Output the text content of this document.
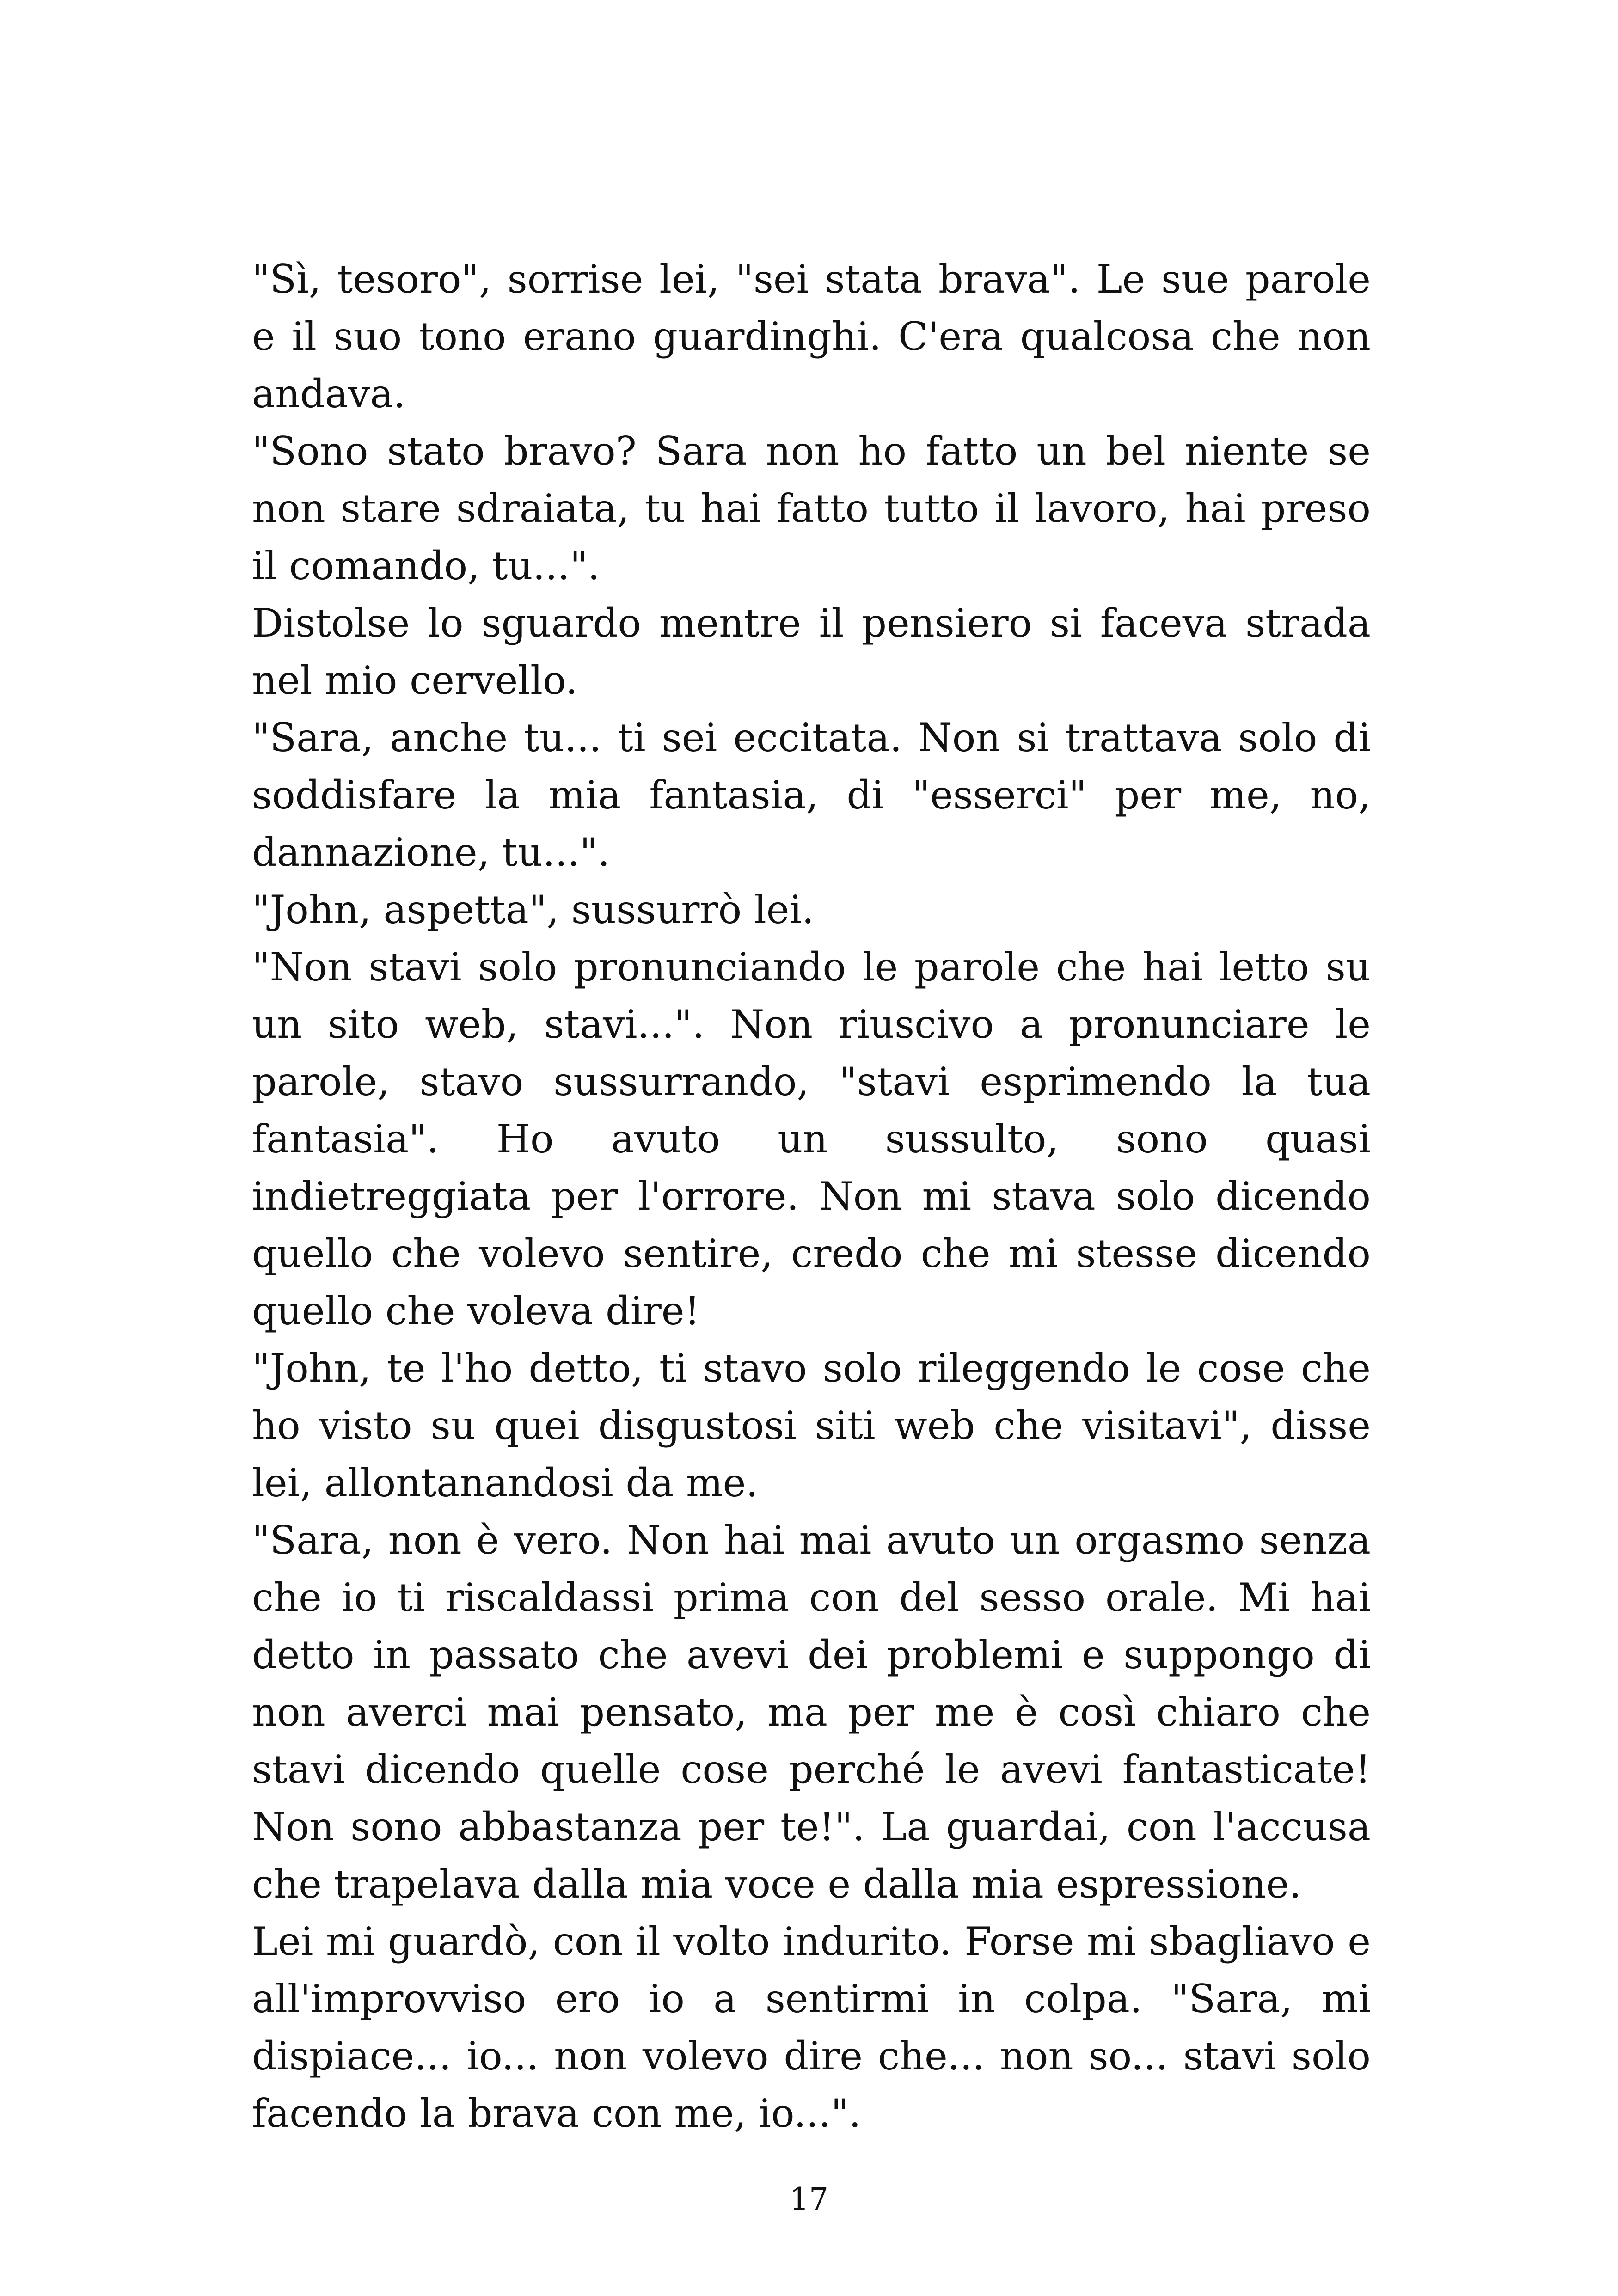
"Sì, tesoro", sorrise lei, "sei stata brava". Le sue parole e il suo tono erano guardinghi. C'era qualcosa che non andava.

"Sono stato bravo? Sara non ho fatto un bel niente se non stare sdraiata, tu hai fatto tutto il lavoro, hai preso il comando, tu...".

Distolse lo sguardo mentre il pensiero si faceva strada nel mio cervello.

"Sara, anche tu... ti sei eccitata. Non si trattava solo di soddisfare la mia fantasia, di "esserci" per me, no, dannazione, tu...".

"John, aspetta", sussurrò lei.

"Non stavi solo pronunciando le parole che hai letto su un sito web, stavi...". Non riuscivo a pronunciare le parole, stavo sussurrando, "stavi esprimendo la tua fantasia". Ho avuto un sussulto, sono quasi indietreggiata per l'orrore. Non mi stava solo dicendo quello che volevo sentire, credo che mi stesse dicendo quello che voleva dire!

"John, te l'ho detto, ti stavo solo rileggendo le cose che ho visto su quei disgustosi siti web che visitavi", disse lei, allontanandosi da me.

"Sara, non è vero. Non hai mai avuto un orgasmo senza che io ti riscaldassi prima con del sesso orale. Mi hai detto in passato che avevi dei problemi e suppongo di non averci mai pensato, ma per me è così chiaro che stavi dicendo quelle cose perché le avevi fantasticate! Non sono abbastanza per te!". La guardai, con l'accusa che trapelava dalla mia voce e dalla mia espressione.

Lei mi guardò, con il volto indurito. Forse mi sbagliavo e all'improvviso ero io a sentirmi in colpa. "Sara, mi dispiace... io... non volevo dire che... non so... stavi solo facendo la brava con me, io...".

17
